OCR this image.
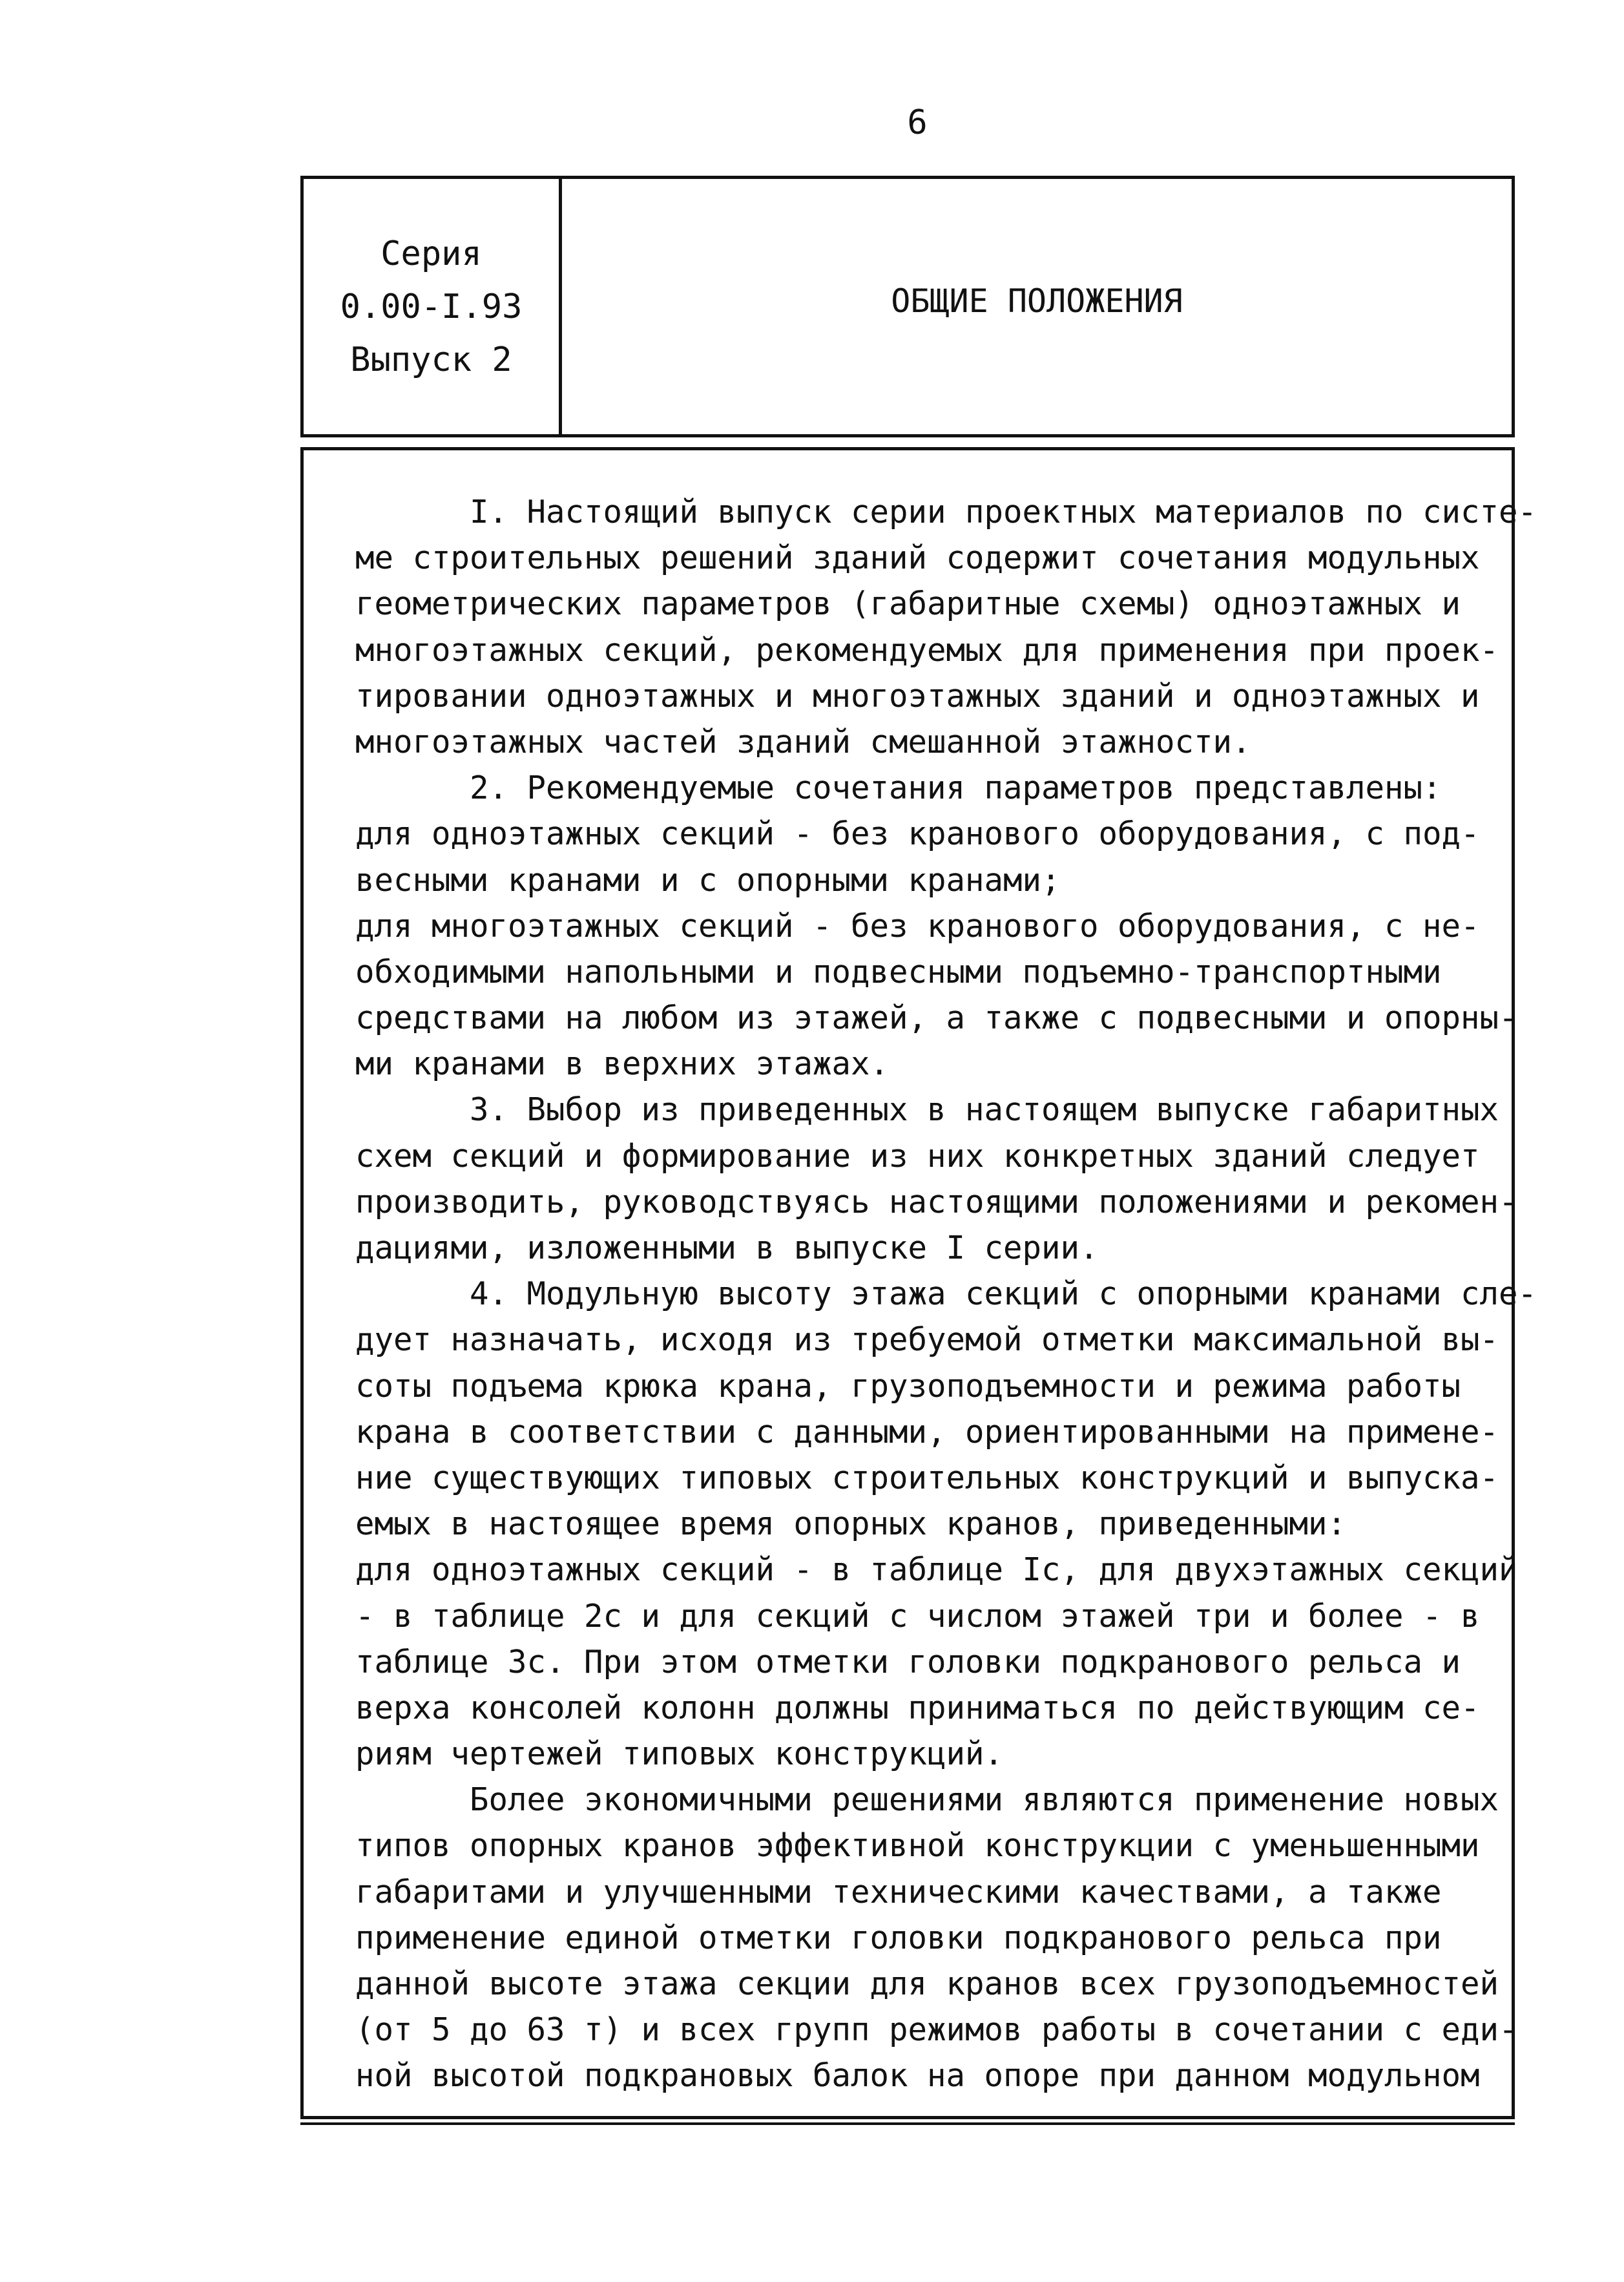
6
Серия
0.00-I.93
Выпуск 2
ОБЩИЕ ПОЛОЖЕНИЯ
I. Настоящий выпуск серии проектных материалов по систе-
ме строительных решений зданий содержит сочетания модульных
геометрических параметров (габаритные схемы) одноэтажных и
многоэтажных секций, рекомендуемых для применения при проек-
тировании одноэтажных и многоэтажных зданий и одноэтажных и
многоэтажных частей зданий смешанной этажности.
2. Рекомендуемые сочетания параметров представлены:
для одноэтажных секций - без кранового оборудования, с под-
весными кранами и с опорными кранами;
для многоэтажных секций - без кранового оборудования, с не-
обходимыми напольными и подвесными подъемно-транспортными
средствами на любом из этажей, а также с подвесными и опорны-
ми кранами в верхних этажах.
3. Выбор из приведенных в настоящем выпуске габаритных
схем секций и формирование из них конкретных зданий следует
производить, руководствуясь настоящими положениями и рекомен-
дациями, изложенными в выпуске I серии.
4. Модульную высоту этажа секций с опорными кранами сле-
дует назначать, исходя из требуемой отметки максимальной вы-
соты подъема крюка крана, грузоподъемности и режима работы
крана в соответствии с данными, ориентированными на примене-
ние существующих типовых строительных конструкций и выпуска-
емых в настоящее время опорных кранов, приведенными:
для одноэтажных секций - в таблице Iс, для двухэтажных секций
- в таблице 2с и для секций с числом этажей три и более - в
таблице 3с. При этом отметки головки подкранового рельса и
верха консолей колонн должны приниматься по действующим се-
риям чертежей типовых конструкций.
Более экономичными решениями являются применение новых
типов опорных кранов эффективной конструкции с уменьшенными
габаритами и улучшенными техническими качествами, а также
применение единой отметки головки подкранового рельса при
данной высоте этажа секции для кранов всех грузоподъемностей
(от 5 до 63 т) и всех групп режимов работы в сочетании с еди-
ной высотой подкрановых балок на опоре при данном модульном
